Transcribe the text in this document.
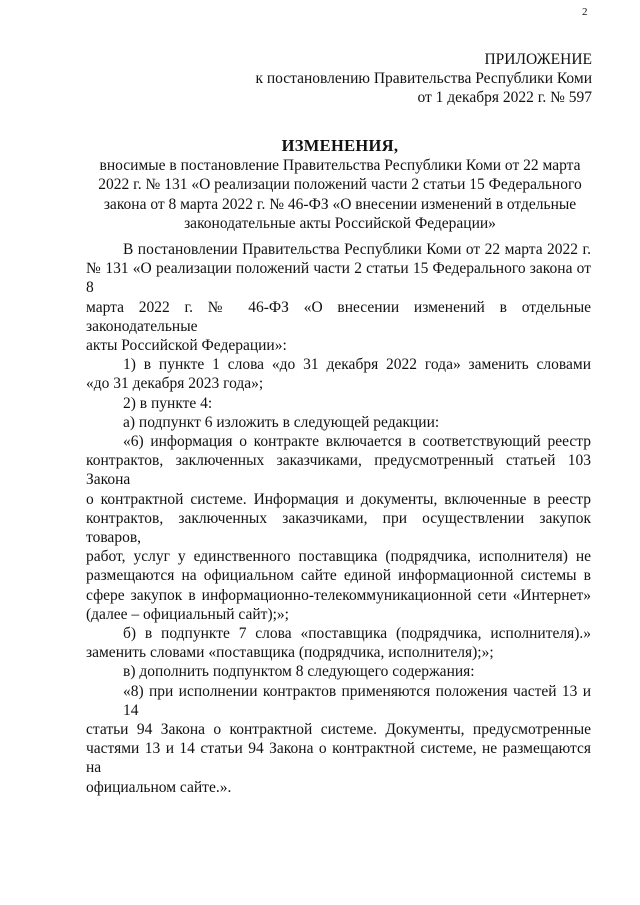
2
ПРИЛОЖЕНИЕ
к постановлению Правительства Республики Коми
от 1 декабря 2022 г. № 597
ИЗМЕНЕНИЯ,
вносимые в постановление Правительства Республики Коми от 22 марта
2022 г. № 131 «О реализации положений части 2 статьи 15 Федерального
закона от 8 марта 2022 г. № 46-ФЗ «О внесении изменений в отдельные
законодательные акты Российской Федерации»

В постановлении Правительства Республики Коми от 22 марта 2022 г.
№ 131 «О реализации положений части 2 статьи 15 Федерального закона от 8
марта 2022 г. № 46-ФЗ «О внесении изменений в отдельные законодательные
акты Российской Федерации»:

1) в пункте 1 слова «до 31 декабря 2022 года» заменить словами
«до 31 декабря 2023 года»;

2) в пункте 4:

а) подпункт 6 изложить в следующей редакции:

«6) информация о контракте включается в соответствующий реестр
контрактов, заключенных заказчиками, предусмотренный статьей 103 Закона
о контрактной системе. Информация и документы, включенные в реестр
контрактов, заключенных заказчиками, при осуществлении закупок товаров,
работ, услуг у единственного поставщика (подрядчика, исполнителя) не
размещаются на официальном сайте единой информационной системы в
сфере закупок в информационно-телекоммуникационной сети «Интернет»
(далее – официальный сайт);»;

б) в подпункте 7 слова «поставщика (подрядчика, исполнителя).»
заменить словами «поставщика (подрядчика, исполнителя);»;

в) дополнить подпунктом 8 следующего содержания:

«8) при исполнении контрактов применяются положения частей 13 и 14
статьи 94 Закона о контрактной системе. Документы, предусмотренные
частями 13 и 14 статьи 94 Закона о контрактной системе, не размещаются на
официальном сайте.».
